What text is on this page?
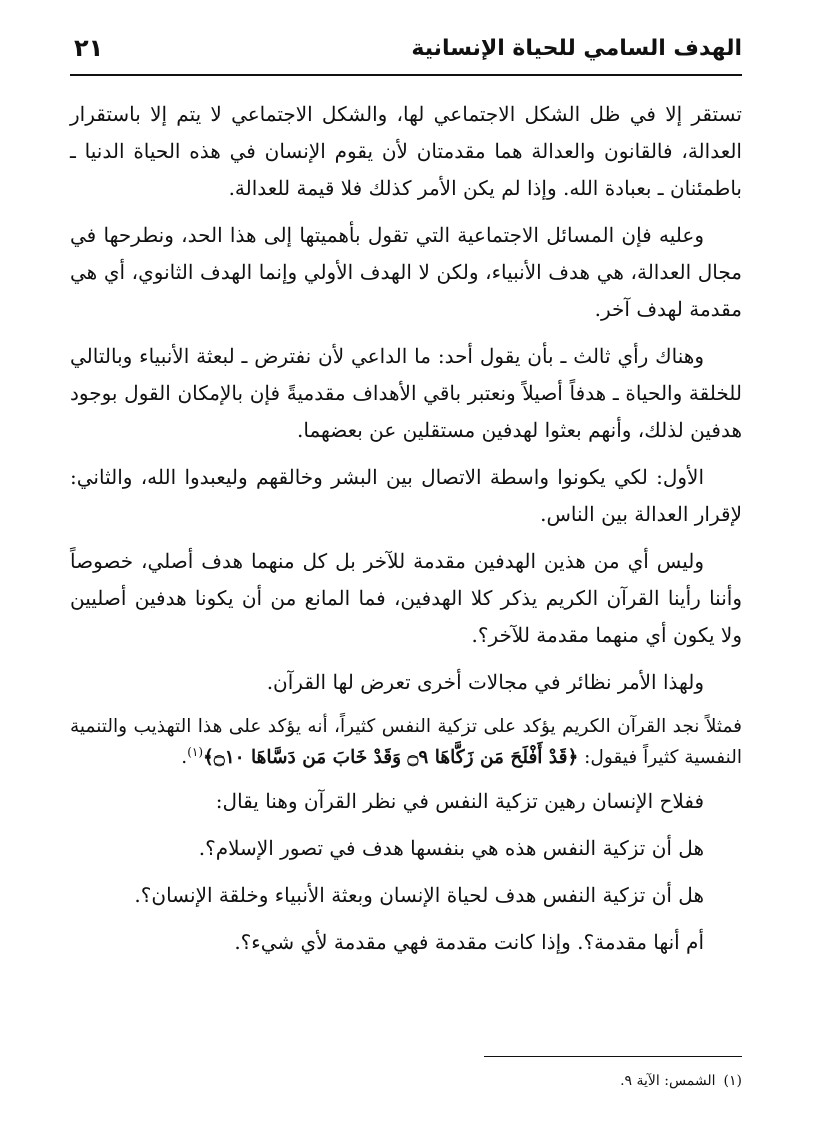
الهدف السامي للحياة الإنسانية
٢١

تستقر إلا في ظل الشكل الاجتماعي لها، والشكل الاجتماعي لا يتم إلا باستقرار العدالة، فالقانون والعدالة هما مقدمتان لأن يقوم الإنسان في هذه الحياة الدنيا ـ باطمئنان ـ بعبادة الله. وإذا لم يكن الأمر كذلك فلا قيمة للعدالة.

وعليه فإن المسائل الاجتماعية التي تقول بأهميتها إلى هذا الحد، ونطرحها في مجال العدالة، هي هدف الأنبياء، ولكن لا الهدف الأولي وإنما الهدف الثانوي، أي هي مقدمة لهدف آخر.

وهناك رأي ثالث ـ بأن يقول أحد: ما الداعي لأن نفترض ـ لبعثة الأنبياء وبالتالي للخلقة والحياة ـ هدفاً أصيلاً ونعتبر باقي الأهداف مقدميةً فإن بالإمكان القول بوجود هدفين لذلك، وأنهم بعثوا لهدفين مستقلين عن بعضهما.

الأول: لكي يكونوا واسطة الاتصال بين البشر وخالقهم وليعبدوا الله، والثاني: لإقرار العدالة بين الناس.

وليس أي من هذين الهدفين مقدمة للآخر بل كل منهما هدف أصلي، خصوصاً وأننا رأينا القرآن الكريم يذكر كلا الهدفين، فما المانع من أن يكونا هدفين أصليين ولا يكون أي منهما مقدمة للآخر؟.

ولهذا الأمر نظائر في مجالات أخرى تعرض لها القرآن.

فمثلاً نجد القرآن الكريم يؤكد على تزكية النفس كثيراً، أنه يؤكد على هذا التهذيب والتنمية النفسية كثيراً فيقول: ﴿قَدْ أَفْلَحَ مَن زَكَّاهَا ۝٩ وَقَدْ خَابَ مَن دَسَّاهَا ۝١٠﴾$^{(١)}$.

ففلاح الإنسان رهين تزكية النفس في نظر القرآن وهنا يقال:

هل أن تزكية النفس هذه هي بنفسها هدف في تصور الإسلام؟.

هل أن تزكية النفس هدف لحياة الإنسان وبعثة الأنبياء وخلقة الإنسان؟.

أم أنها مقدمة؟. وإذا كانت مقدمة فهي مقدمة لأي شيء؟.

(١)الشمس: الآية ٩.
